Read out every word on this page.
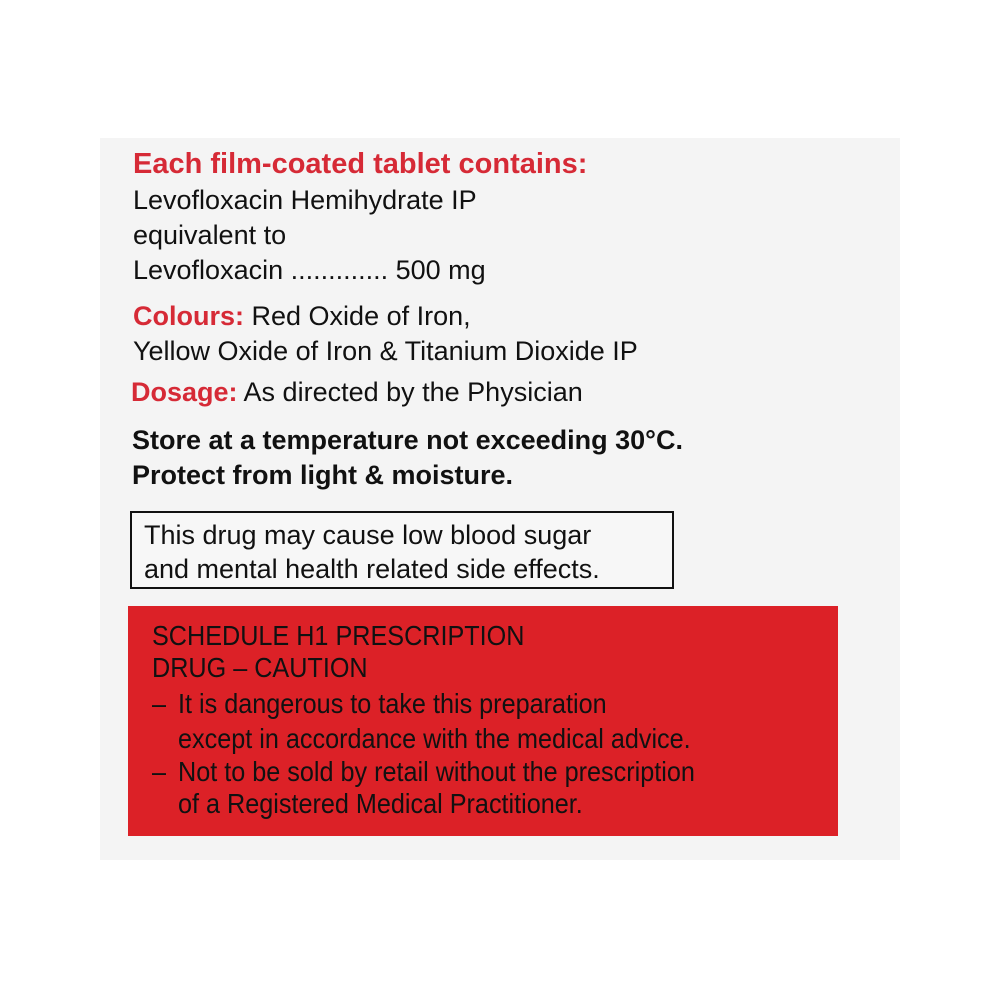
Each film-coated tablet contains:
Levofloxacin Hemihydrate IP
equivalent to
Levofloxacin ............. 500 mg
Colours: Red Oxide of Iron,
Yellow Oxide of Iron & Titanium Dioxide IP
Dosage: As directed by the Physician
Store at a temperature not exceeding 30°C.
Protect from light & moisture.
This drug may cause low blood sugar
and mental health related side effects.
SCHEDULE H1 PRESCRIPTION
DRUG – CAUTION
– It is dangerous to take this preparation
except in accordance with the medical advice.
– Not to be sold by retail without the prescription
of a Registered Medical Practitioner.
